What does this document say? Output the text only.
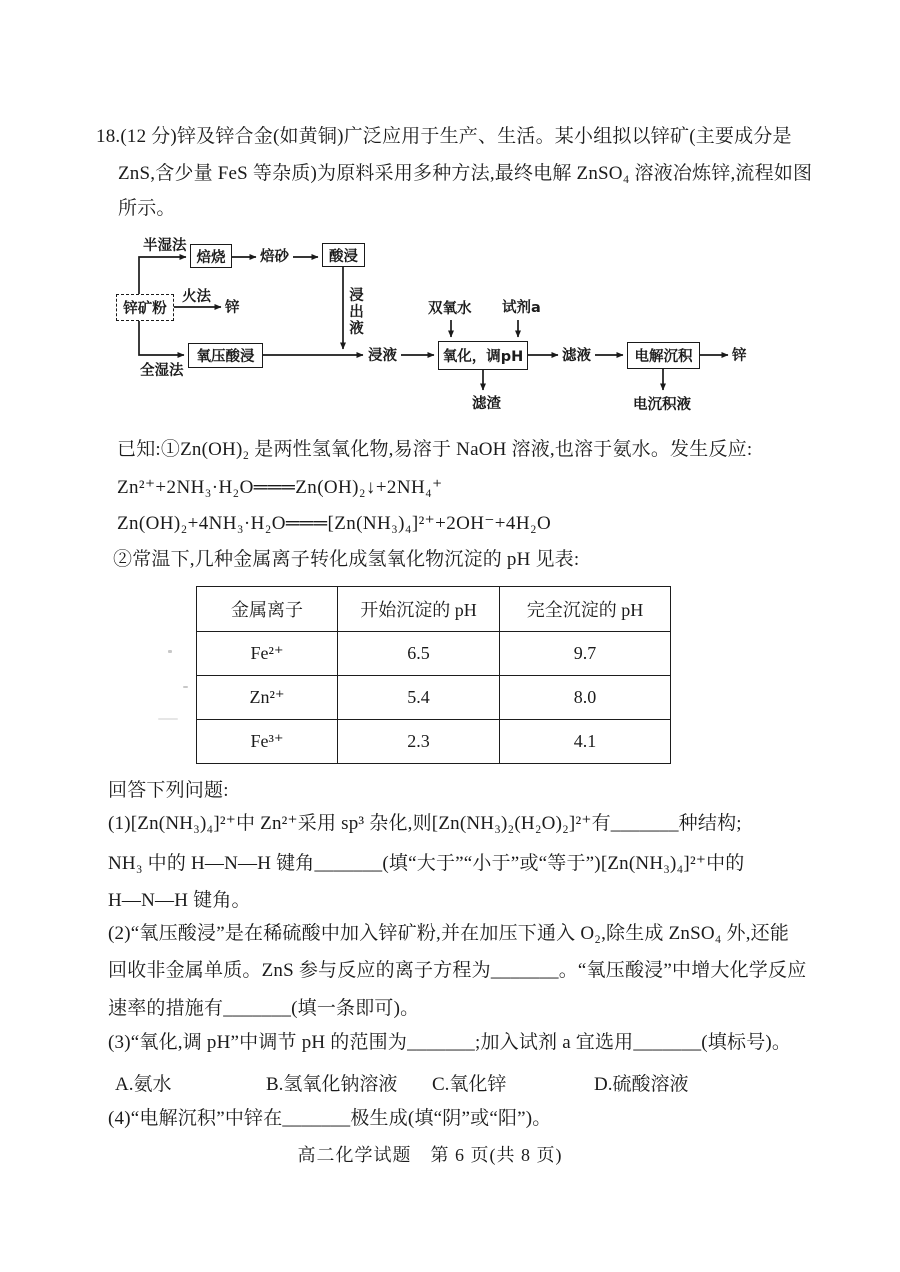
18.(12 分)锌及锌合金(如黄铜)广泛应用于生产、生活。某小组拟以锌矿(主要成分是
ZnS,含少量 FeS 等杂质)为原料采用多种方法,最终电解 ZnSO₄ 溶液冶炼锌,流程如图
所示。
锌矿粉
焙烧	酸浸
氧压酸浸	氧化，调pH	电解沉积
半湿法
焙砂
火法
锌	浸出液
全湿法
浸液
双氧水 试剂a
滤液
滤渣
锌
电沉积液
已知:①Zn(OH)₂ 是两性氢氧化物,易溶于 NaOH 溶液,也溶于氨水。发生反应:
Zn²⁺+2NH₃·H₂O═══Zn(OH)₂↓+2NH₄⁺
Zn(OH)₂+4NH₃·H₂O═══[Zn(NH₃)₄]²⁺+2OH⁻+4H₂O
②常温下,几种金属离子转化成氢氧化物沉淀的 pH 见表:
金属离子	开始沉淀的 pH	完全沉淀的 pH
Fe²⁺	6.5	9.7
Zn²⁺	5.4	8.0
Fe³⁺	2.3	4.1
回答下列问题:
(1)[Zn(NH₃)₄]²⁺中 Zn²⁺采用 sp³ 杂化,则[Zn(NH₃)₂(H₂O)₂]²⁺有_______种结构;
NH₃ 中的 H—N—H 键角_______(填“大于”“小于”或“等于”)[Zn(NH₃)₄]²⁺中的
H—N—H 键角。
(2)“氧压酸浸”是在稀硫酸中加入锌矿粉,并在加压下通入 O₂,除生成 ZnSO₄ 外,还能
回收非金属单质。ZnS 参与反应的离子方程为_______。“氧压酸浸”中增大化学反应
速率的措施有_______(填一条即可)。
(3)“氧化,调 pH”中调节 pH 的范围为_______;加入试剂 a 宜选用_______(填标号)。
A.氨水	B.氢氧化钠溶液 C.氧化锌	D.硫酸溶液
(4)“电解沉积”中锌在_______极生成(填“阴”或“阳”)。
高二化学试题　第 6 页(共 8 页)
